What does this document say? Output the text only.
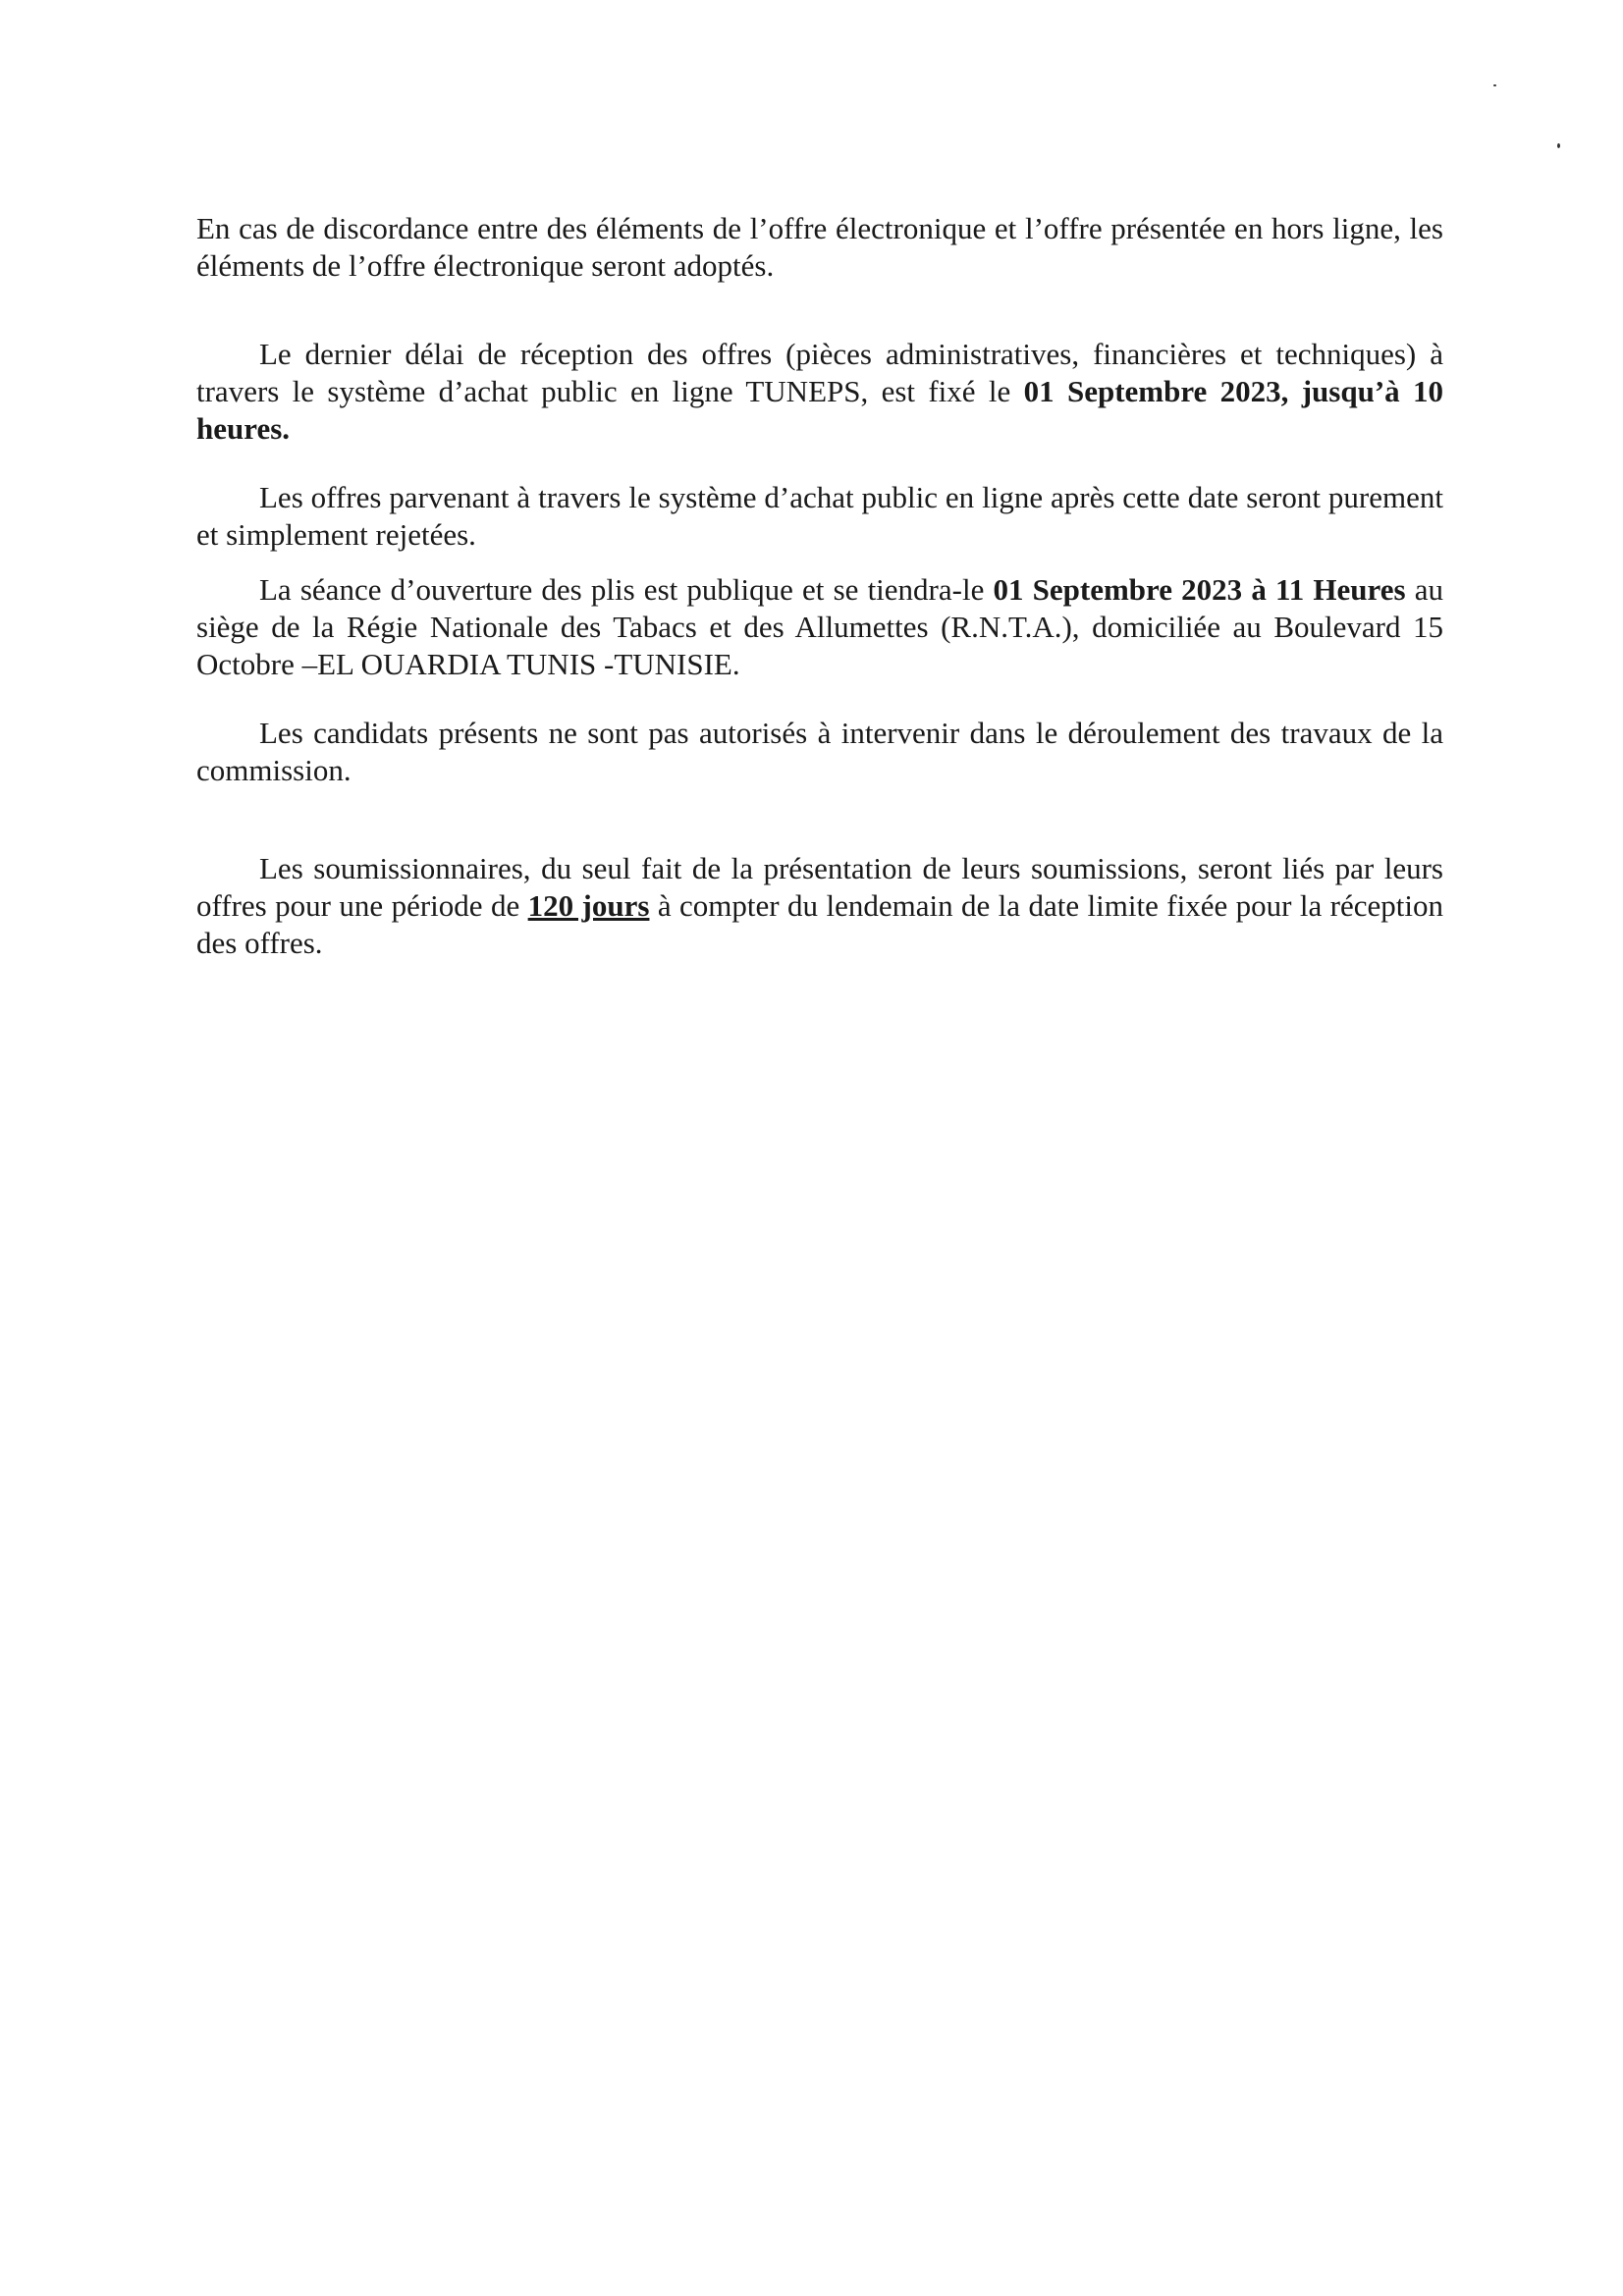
En cas de discordance entre des éléments de l’offre électronique et l’offre présentée en hors ligne, les éléments de l’offre électronique seront adoptés.

Le dernier délai de réception des offres (pièces administratives, financières et techniques) à travers le système d’achat public en ligne TUNEPS, est fixé le 01 Septembre 2023, jusqu’à 10 heures.

Les offres parvenant à travers le système d’achat public en ligne après cette date seront purement et simplement rejetées.

La séance d’ouverture des plis est publique et se tiendra-le 01 Septembre 2023 à 11 Heures au siège de la Régie Nationale des Tabacs et des Allumettes (R.N.T.A.), domiciliée au Boulevard 15 Octobre –EL OUARDIA TUNIS -TUNISIE.

Les candidats présents ne sont pas autorisés à intervenir dans le déroulement des travaux de la commission.

Les soumissionnaires, du seul fait de la présentation de leurs soumissions, seront liés par leurs offres pour une période de 120 jours à compter du lendemain de la date limite fixée pour la réception des offres.
